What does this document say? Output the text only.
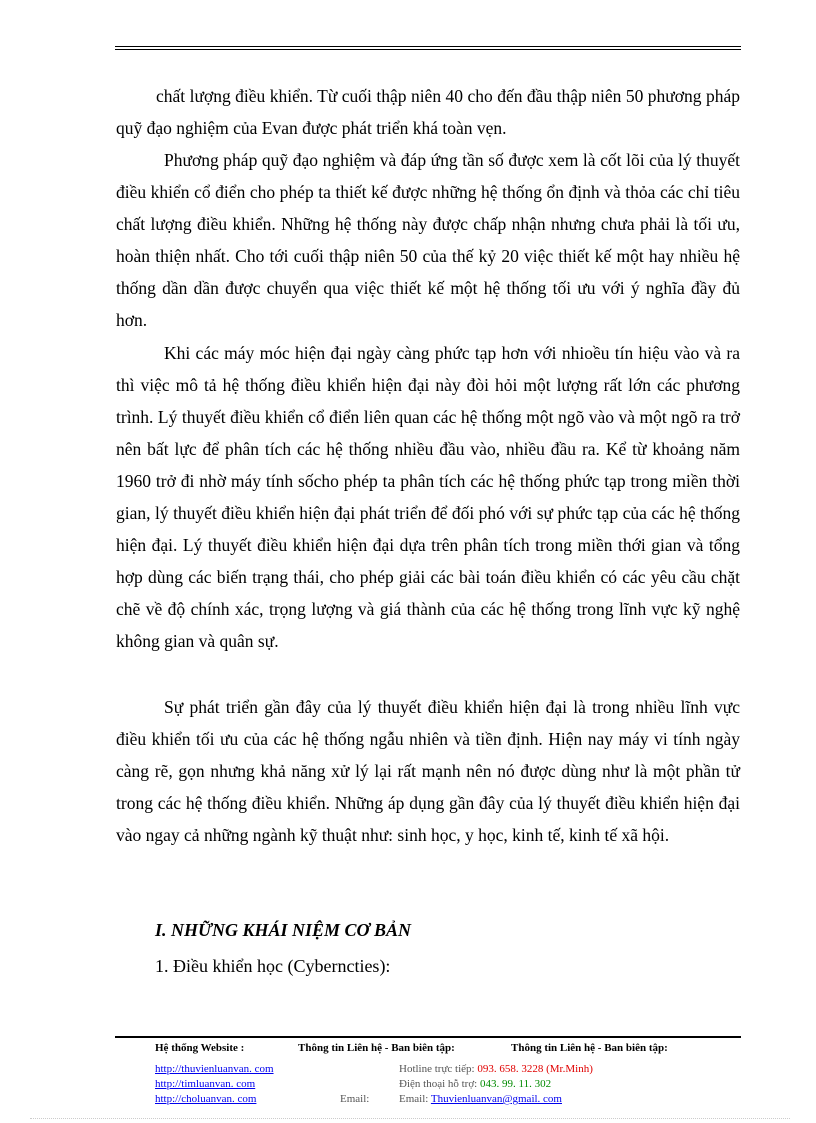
chất lượng điều khiển. Từ cuối thập niên 40 cho đến đầu thập niên 50 phương pháp quỹ đạo nghiệm của Evan được phát triển khá toàn vẹn.

Phương pháp quỹ đạo nghiệm và đáp ứng tần số được xem là cốt lõi của lý thuyết điều khiển cổ điển cho phép ta thiết kế được những hệ thống ổn định và thỏa các chỉ tiêu chất lượng điều khiển. Những hệ thống này được chấp nhận nhưng chưa phải là tối ưu, hoàn thiện nhất. Cho tới cuối thập niên 50 của thế kỷ 20 việc thiết kế một hay nhiều hệ thống dần dần được chuyển qua việc thiết kế một hệ thống tối ưu với ý nghĩa đầy đủ hơn.

Khi các máy móc hiện đại ngày càng phức tạp hơn với nhioều tín hiệu vào và ra thì việc mô tả hệ thống điều khiển hiện đại này đòi hỏi một lượng rất lớn các phương trình. Lý thuyết điều khiển cổ điển liên quan các hệ thống một ngõ vào và một ngõ ra trở nên bất lực để phân tích các hệ thống nhiều đầu vào, nhiều đầu ra. Kể từ khoảng năm 1960 trở đi nhờ máy tính sốcho phép ta phân tích các hệ thống phức tạp trong miền thời gian, lý thuyết điều khiển hiện đại phát triển để đối phó với sự phức tạp của các hệ thống hiện đại. Lý thuyết điều khiển hiện đại dựa trên phân tích trong miền thới gian và tổng hợp dùng các biến trạng thái, cho phép giải các bài toán điều khiển có các yêu cầu chặt chẽ về độ chính xác, trọng lượng và giá thành của các hệ thống trong lĩnh vực kỹ nghệ không gian và quân sự.

Sự phát triển gần đây của lý thuyết điều khiển hiện đại là trong nhiều lĩnh vực điều khiển tối ưu của các hệ thống ngẫu nhiên và tiền định. Hiện nay máy vi tính ngày càng rẽ, gọn nhưng khả năng xử lý lại rất mạnh nên nó được dùng như là một phần tử trong các hệ thống điều khiển. Những áp dụng gần đây của lý thuyết điều khiển hiện đại vào ngay cả những ngành kỹ thuật như: sinh học, y học, kinh tế, kinh tế xã hội.

I. NHỮNG KHÁI NIỆM CƠ BẢN

1. Điều khiển học (Cyberncties):

Hệ thống Website :
http://thuvienluanvan. com
http://timluanvan. com
http://choluanvan. com
Thông tin Liên hệ - Ban biên tập:
Email:
Thông tin Liên hệ - Ban biên tập:
Hotline trực tiếp: 093. 658. 3228 (Mr.Minh)
Điện thoại hỗ trợ: 043. 99. 11. 302
Email: Thuvienluanvan@gmail. com
